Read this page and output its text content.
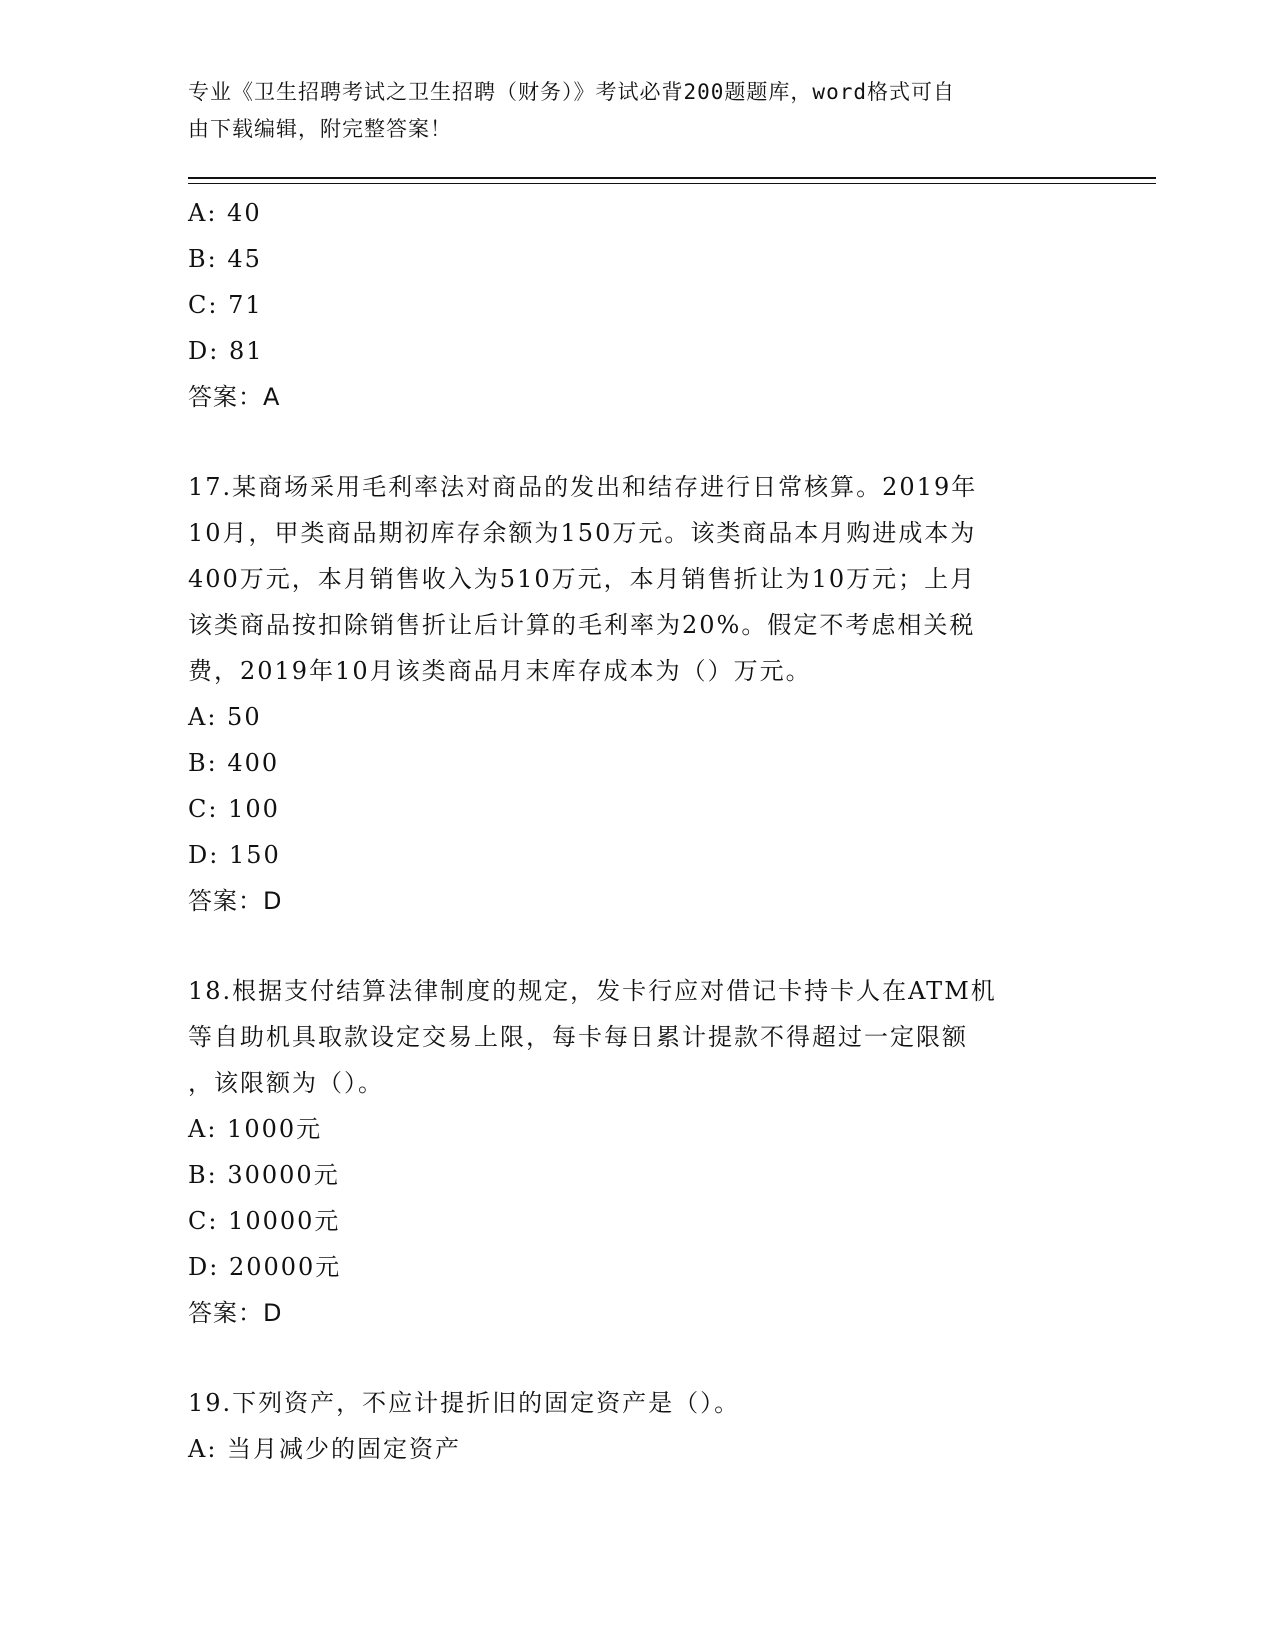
专业《卫生招聘考试之卫生招聘（财务）》考试必背200题题库，word格式可自
由下载编辑，附完整答案！
A: 40
B: 45
C: 71
D: 81
答案：A
17.某商场采用毛利率法对商品的发出和结存进行日常核算。2019年
10月，甲类商品期初库存余额为150万元。该类商品本月购进成本为
400万元，本月销售收入为510万元，本月销售折让为10万元；上月
该类商品按扣除销售折让后计算的毛利率为20%。假定不考虑相关税
费，2019年10月该类商品月末库存成本为（）万元。
A: 50
B: 400
C: 100
D: 150
答案：D
18.根据支付结算法律制度的规定，发卡行应对借记卡持卡人在ATM机
等自助机具取款设定交易上限，每卡每日累计提款不得超过一定限额
，该限额为（）。
A: 1000元
B: 30000元
C: 10000元
D: 20000元
答案：D
19.下列资产，不应计提折旧的固定资产是（）。
A: 当月减少的固定资产
